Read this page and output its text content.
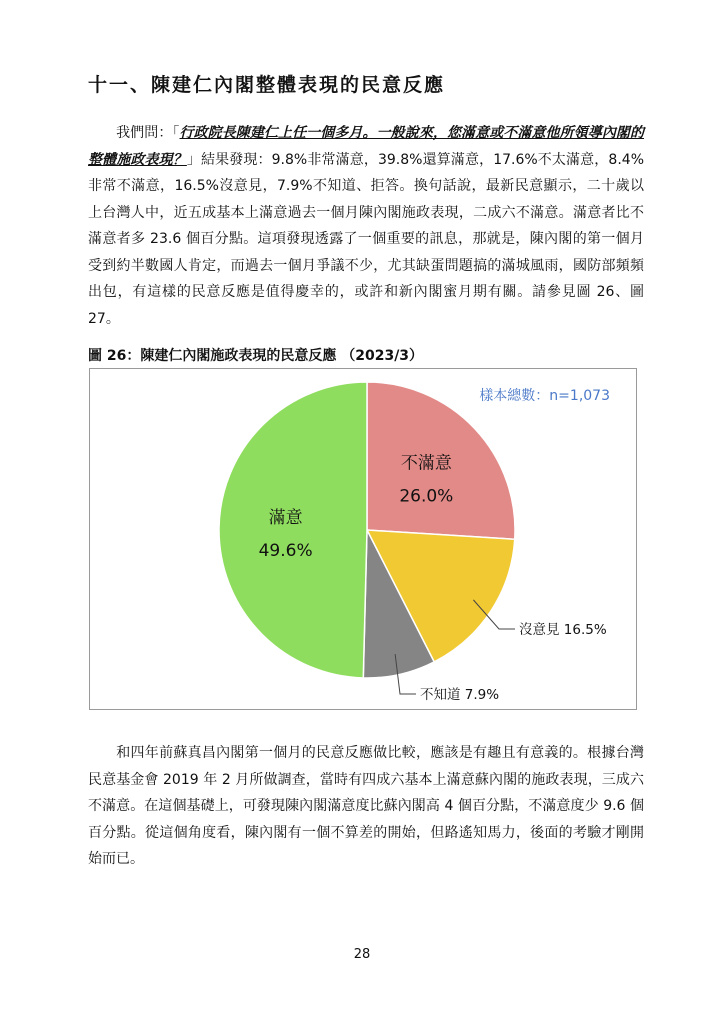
十一、陳建仁內閣整體表現的民意反應
我們問：「行政院長陳建仁上任一個多月。一般說來，您滿意或不滿意他所領導內閣的整體施政表現？」結果發現：9.8%非常滿意，39.8%還算滿意，17.6%不太滿意，8.4%非常不滿意，16.5%沒意見，7.9%不知道、拒答。換句話說，最新民意顯示，二十歲以上台灣人中，近五成基本上滿意過去一個月陳內閣施政表現，二成六不滿意。滿意者比不滿意者多 23.6 個百分點。這項發現透露了一個重要的訊息，那就是，陳內閣的第一個月受到約半數國人肯定，而過去一個月爭議不少，尤其缺蛋問題搞的滿城風雨，國防部頻頻出包，有這樣的民意反應是值得慶幸的，或許和新內閣蜜月期有關。請參見圖 26、圖 27。
圖 26：陳建仁內閣施政表現的民意反應 （2023/3）
不滿意
26.0%
沒意見 16.5%
不知道 7.9%
滿意
49.6%
樣本總數：n=1,073
和四年前蘇真昌內閣第一個月的民意反應做比較，應該是有趣且有意義的。根據台灣民意基金會 2019 年 2 月所做調查，當時有四成六基本上滿意蘇內閣的施政表現，三成六不滿意。在這個基礎上，可發現陳內閣滿意度比蘇內閣高 4 個百分點，不滿意度少 9.6 個百分點。從這個角度看，陳內閣有一個不算差的開始，但路遙知馬力，後面的考驗才剛開始而已。
28
